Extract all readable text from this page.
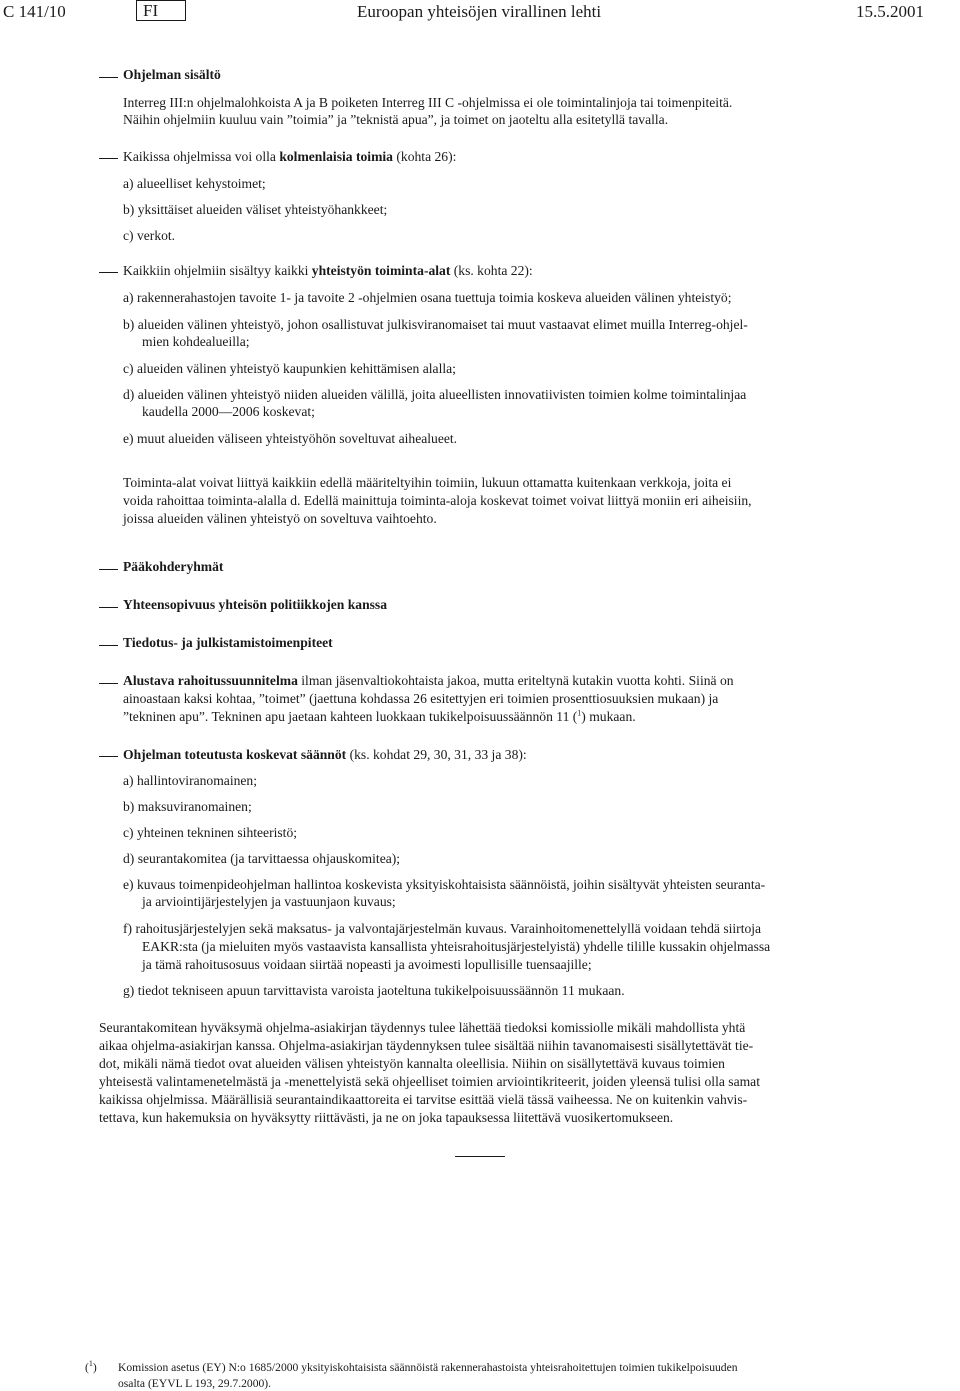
C 141/10	FI	Euroopan yhteisöjen virallinen lehti	15.5.2001
Ohjelman sisältö
Interreg III:n ohjelmalohkoista A ja B poiketen Interreg III C -ohjelmissa ei ole toimintalinjoja tai toimenpiteitä.
Näihin ohjelmiin kuuluu vain ”toimia” ja ”teknistä apua”, ja toimet on jaoteltu alla esitetyllä tavalla.
Kaikissa ohjelmissa voi olla kolmenlaisia toimia (kohta 26):
a) alueelliset kehystoimet;
b) yksittäiset alueiden väliset yhteistyöhankkeet;
c) verkot.
Kaikkiin ohjelmiin sisältyy kaikki yhteistyön toiminta-alat (ks. kohta 22):
a) rakennerahastojen tavoite 1- ja tavoite 2 -ohjelmien osana tuettuja toimia koskeva alueiden välinen yhteistyö;
b) alueiden välinen yhteistyö, johon osallistuvat julkisviranomaiset tai muut vastaavat elimet muilla Interreg-ohjel-
mien kohdealueilla;
c) alueiden välinen yhteistyö kaupunkien kehittämisen alalla;
d) alueiden välinen yhteistyö niiden alueiden välillä, joita alueellisten innovatiivisten toimien kolme toimintalinjaa
kaudella 2000—2006 koskevat;
e) muut alueiden väliseen yhteistyöhön soveltuvat aihealueet.
Toiminta-alat voivat liittyä kaikkiin edellä määriteltyihin toimiin, lukuun ottamatta kuitenkaan verkkoja, joita ei
voida rahoittaa toiminta-alalla d. Edellä mainittuja toiminta-aloja koskevat toimet voivat liittyä moniin eri aiheisiin,
joissa alueiden välinen yhteistyö on soveltuva vaihtoehto.
Pääkohderyhmät
Yhteensopivuus yhteisön politiikkojen kanssa
Tiedotus- ja julkistamistoimenpiteet
Alustava rahoitussuunnitelma ilman jäsenvaltiokohtaista jakoa, mutta eriteltynä kutakin vuotta kohti. Siinä on
ainoastaan kaksi kohtaa, ”toimet” (jaettuna kohdassa 26 esitettyjen eri toimien prosenttiosuuksien mukaan) ja
”tekninen apu”. Tekninen apu jaetaan kahteen luokkaan tukikelpoisuussäännön 11 ($^1$) mukaan.
Ohjelman toteutusta koskevat säännöt (ks. kohdat 29, 30, 31, 33 ja 38):
a) hallintoviranomainen;
b) maksuviranomainen;
c) yhteinen tekninen sihteeristö;
d) seurantakomitea (ja tarvittaessa ohjauskomitea);
e) kuvaus toimenpideohjelman hallintoa koskevista yksityiskohtaisista säännöistä, joihin sisältyvät yhteisten seuranta-
ja arviointijärjestelyjen ja vastuunjaon kuvaus;
f) rahoitusjärjestelyjen sekä maksatus- ja valvontajärjestelmän kuvaus. Varainhoitomenettelyllä voidaan tehdä siirtoja
EAKR:sta (ja mieluiten myös vastaavista kansallista yhteisrahoitusjärjestelyistä) yhdelle tilille kussakin ohjelmassa
ja tämä rahoitusosuus voidaan siirtää nopeasti ja avoimesti lopullisille tuensaajille;
g) tiedot tekniseen apuun tarvittavista varoista jaoteltuna tukikelpoisuussäännön 11 mukaan.
Seurantakomitean hyväksymä ohjelma-asiakirjan täydennys tulee lähettää tiedoksi komissiolle mikäli mahdollista yhtä
aikaa ohjelma-asiakirjan kanssa. Ohjelma-asiakirjan täydennyksen tulee sisältää niihin tavanomaisesti sisällytettävät tie-
dot, mikäli nämä tiedot ovat alueiden välisen yhteistyön kannalta oleellisia. Niihin on sisällytettävä kuvaus toimien
yhteisestä valintamenetelmästä ja -menettelyistä sekä ohjeelliset toimien arviointikriteerit, joiden yleensä tulisi olla samat
kaikissa ohjelmissa. Määrällisiä seurantaindikaattoreita ei tarvitse esittää vielä tässä vaiheessa. Ne on kuitenkin vahvis-
tettava, kun hakemuksia on hyväksytty riittävästi, ja ne on joka tapauksessa liitettävä vuosikertomukseen.
($^1$) Komission asetus (EY) N:o 1685/2000 yksityiskohtaisista säännöistä rakennerahastoista yhteisrahoitettujen toimien tukikelpoisuuden
osalta (EYVL L 193, 29.7.2000).
